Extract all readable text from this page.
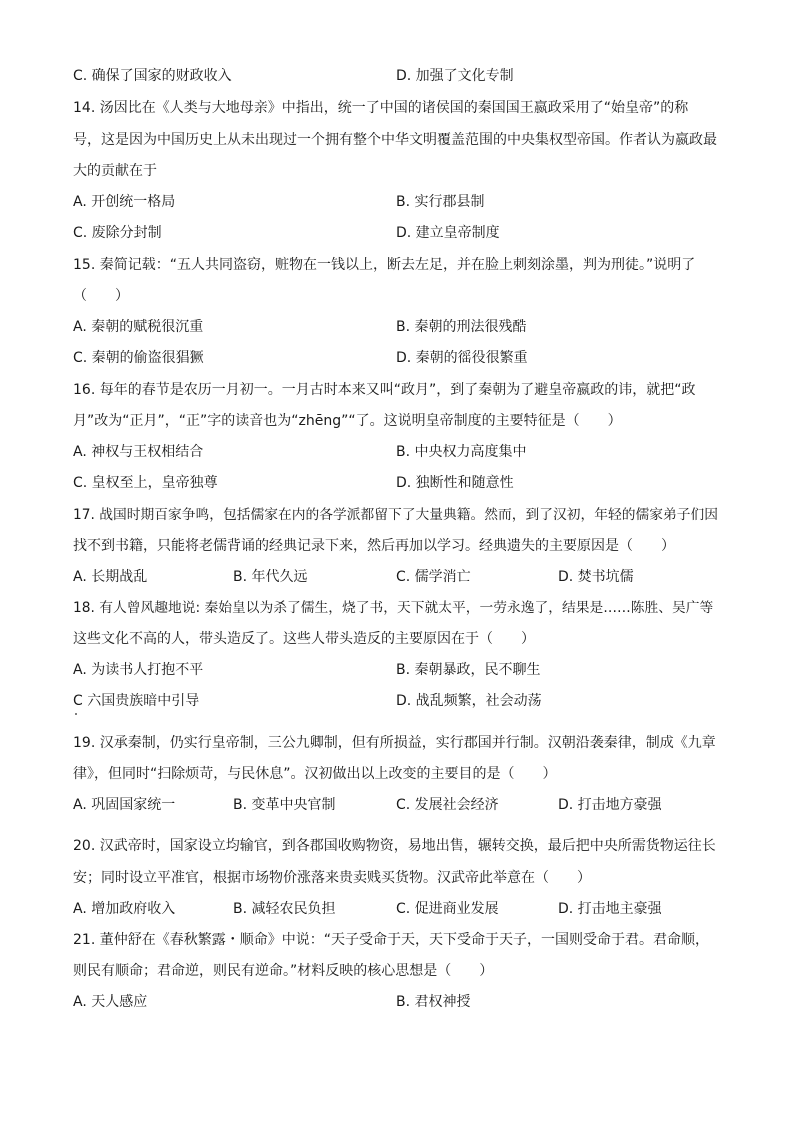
C. 确保了国家的财政收入	D. 加强了文化专制
14. 汤因比在《人类与大地母亲》中指出，统一了中国的诸侯国的秦国国王嬴政采用了“始皇帝”的称
号，这是因为中国历史上从未出现过一个拥有整个中华文明覆盖范围的中央集权型帝国。作者认为嬴政最
大的贡献在于
A. 开创统一格局	B. 实行郡县制
C. 废除分封制	D. 建立皇帝制度
15. 秦简记载：“五人共同盗窃，赃物在一钱以上，断去左足，并在脸上刺刻涂墨，判为刑徒。”说明了
（　　）
A. 秦朝的赋税很沉重	B. 秦朝的刑法很残酷
C. 秦朝的偷盗很猖獗	D. 秦朝的徭役很繁重
16. 每年的春节是农历一月初一。一月古时本来又叫“政月”，到了秦朝为了避皇帝嬴政的讳，就把“政
月”改为“正月”，“正”字的读音也为“zhēng”“了。这说明皇帝制度的主要特征是（　　）
A. 神权与王权相结合	B. 中央权力高度集中
C. 皇权至上，皇帝独尊	D. 独断性和随意性
17. 战国时期百家争鸣，包括儒家在内的各学派都留下了大量典籍。然而，到了汉初，年轻的儒家弟子们因
找不到书籍，只能将老儒背诵的经典记录下来，然后再加以学习。经典遗失的主要原因是（　　）
A. 长期战乱	B. 年代久远	C. 儒学消亡	D. 焚书坑儒
18. 有人曾风趣地说: 秦始皇以为杀了儒生，烧了书，天下就太平，一劳永逸了，结果是……陈胜、吴广等
这些文化不高的人，带头造反了。这些人带头造反的主要原因在于（　　）
A. 为读书人打抱不平	B. 秦朝暴政，民不聊生
C 六国贵族暗中引导	D. 战乱频繁，社会动荡
19. 汉承秦制，仍实行皇帝制，三公九卿制，但有所损益，实行郡国并行制。汉朝沿袭秦律，制成《九章
律》，但同时“扫除烦苛，与民休息”。汉初做出以上改变的主要目的是（　　）
A. 巩固国家统一	B. 变革中央官制	C. 发展社会经济	D. 打击地方豪强
20. 汉武帝时，国家设立均输官，到各郡国收购物资，易地出售，辗转交换，最后把中央所需货物运往长
安；同时设立平准官，根据市场物价涨落来贵卖贱买货物。汉武帝此举意在（　　）
A. 增加政府收入	B. 减轻农民负担	C. 促进商业发展	D. 打击地主豪强
21. 董仲舒在《春秋繁露・顺命》中说：“天子受命于天，天下受命于天子，一国则受命于君。君命顺，
则民有顺命；君命逆，则民有逆命。”材料反映的核心思想是（　　）
A. 天人感应	B. 君权神授
